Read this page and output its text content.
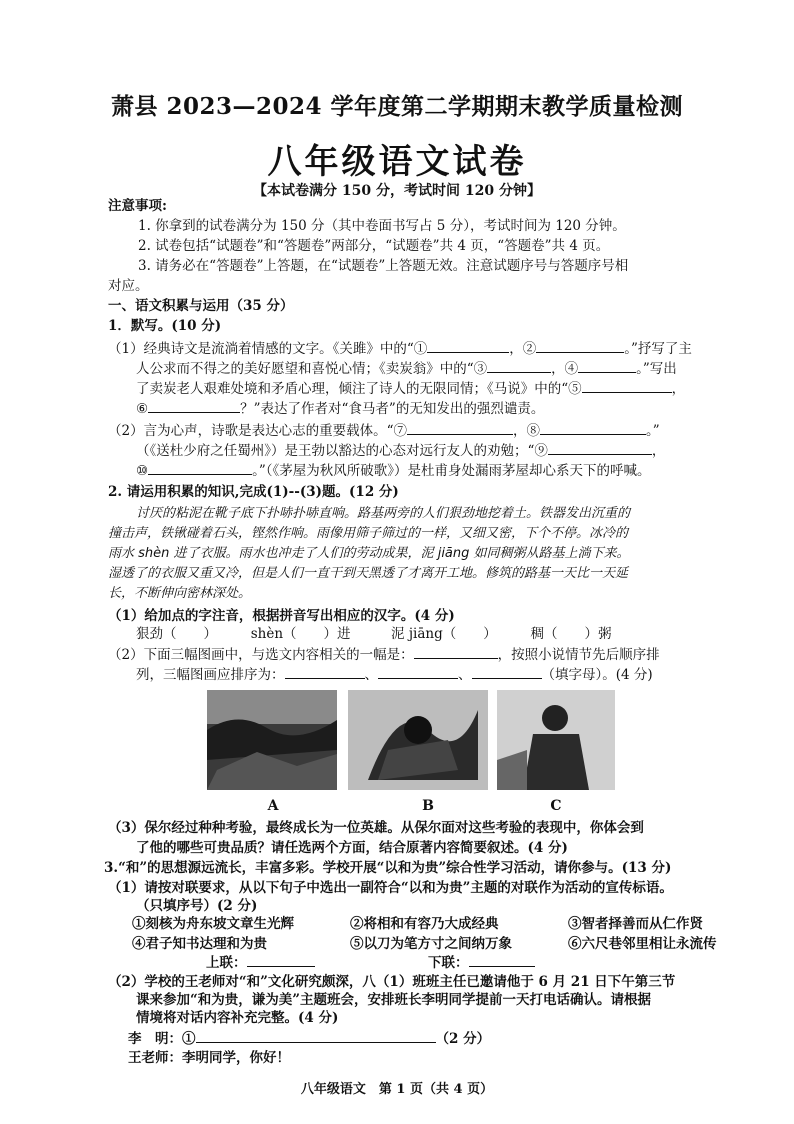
萧县 2023—2024 学年度第二学期期末教学质量检测
八年级语文试卷
【本试卷满分 150 分，考试时间 120 分钟】
注意事项:
1. 你拿到的试卷满分为 150 分（其中卷面书写占 5 分），考试时间为 120 分钟。
2. 试卷包括“试题卷”和“答题卷”两部分，“试题卷”共 4 页，“答题卷”共 4 页。
3. 请务必在“答题卷”上答题，在“试题卷”上答题无效。注意试题序号与答题序号相
对应。
一、语文积累与运用（35 分）
1．默写。(10 分)
（1）经典诗文是流淌着情感的文字。《关雎》中的“①	，②	。”抒写了主
人公求而不得之的美好愿望和喜悦心情；《卖炭翁》中的“③	，④	。”写出
了卖炭老人艰难处境和矛盾心理，倾注了诗人的无限同情；《马说》中的“⑤	，
⑥	？”表达了作者对“食马者”的无知发出的强烈谴责。
（2）言为心声，诗歌是表达心志的重要载体。“⑦	，⑧	。”
（《送杜少府之任蜀州》）是王勃以豁达的心态对远行友人的劝勉；“⑨	，
⑩	。”（《茅屋为秋风所破歌》）是杜甫身处漏雨茅屋却心系天下的呼喊。
2. 请运用积累的知识,完成(1)--(3)题。(12 分)
讨厌的粘泥在靴子底下扑哧扑哧直响。路基两旁的人们狠劲地挖着土。铁器发出沉重的
撞击声，铁锹碰着石头，铿然作响。雨像用筛子筛过的一样，又细又密，下个不停。冰冷的
雨水 shèn 进了衣服。雨水也冲走了人们的劳动成果，泥 jiāng 如同稠粥从路基上淌下来。
湿透了的衣服又重又冷，但是人们一直干到天黑透了才离开工地。修筑的路基一天比一天延
长，不断伸向密林深处。
（1）给加点的字注音，根据拼音写出相应的汉字。(4 分)
狠劲（　　）　　　shèn（　　）进　　　泥 jiāng（　　）　　　稠（　　）粥
（2）下面三幅图画中，与选文内容相关的一幅是：	，按照小说情节先后顺序排
列，三幅图画应排序为：	、	、	（填字母）。(4 分)
A	B	C
（3）保尔经过种种考验，最终成长为一位英雄。从保尔面对这些考验的表现中，你体会到
了他的哪些可贵品质？请任选两个方面，结合原著内容简要叙述。(4 分)
3.“和”的思想源远流长，丰富多彩。学校开展“以和为贵”综合性学习活动，请你参与。(13 分)
（1）请按对联要求，从以下句子中选出一副符合“以和为贵”主题的对联作为活动的宣传标语。
（只填序号）(2 分)
①刻核为舟东坡文章生光辉	②将相和有容乃大成经典	③智者择善而从仁作贤
④君子知书达理和为贵	⑤以刀为笔方寸之间纳万象	⑥六尺巷邻里相让永流传
上联：	下联：
（2）学校的王老师对“和”文化研究颇深，八（1）班班主任已邀请他于 6 月 21 日下午第三节
课来参加“和为贵，谦为美”主题班会，安排班长李明同学提前一天打电话确认。请根据
情境将对话内容补充完整。(4 分)
李　明：①	（2 分）
王老师：李明同学，你好！
八年级语文　第 1 页（共 4 页）
